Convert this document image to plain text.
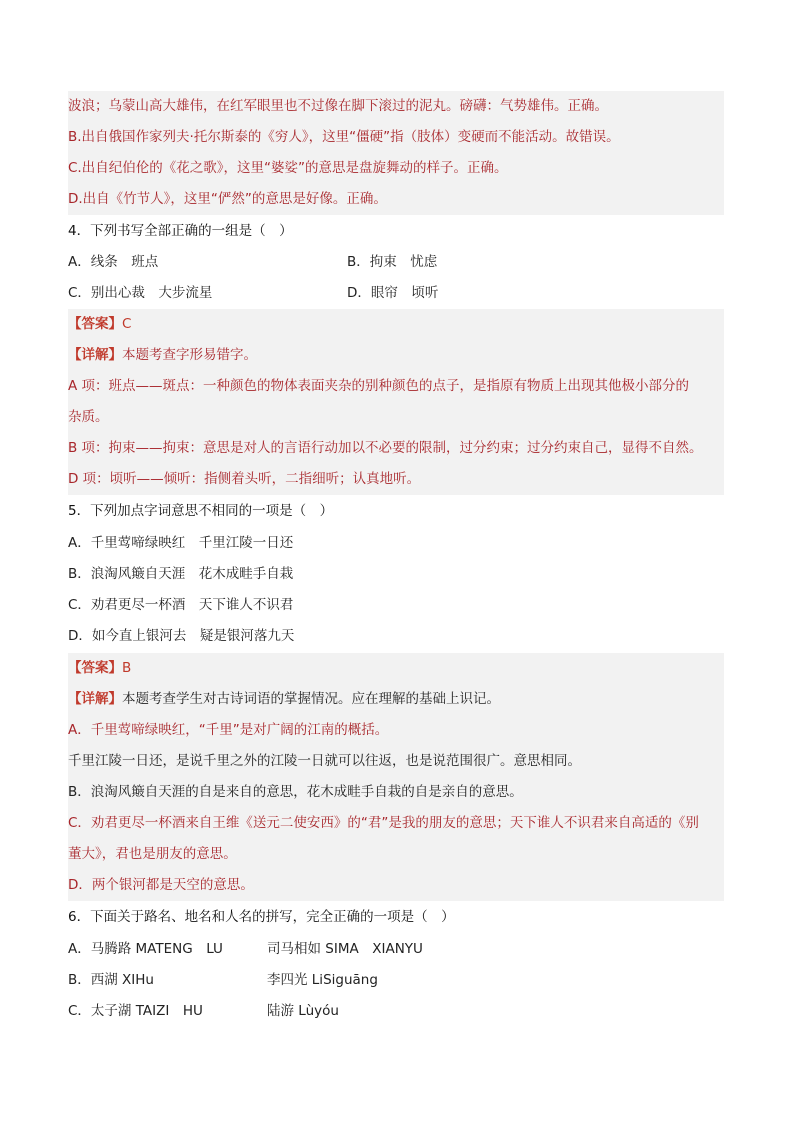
波浪；乌蒙山高大雄伟，在红军眼里也不过像在脚下滚过的泥丸。磅礴：气势雄伟。正确。
B.出自俄国作家列夫·托尔斯泰的《穷人》，这里“僵硬”指（肢体）变硬而不能活动。故错误。
C.出自纪伯伦的《花之歌》，这里“婆娑”的意思是盘旋舞动的样子。正确。
D.出自《竹节人》，这里“俨然”的意思是好像。正确。
4．下列书写全部正确的一组是（　）
A．线条　班点	B．拘束　忧虑
C．别出心裁　大步流星	D．眼帘　顷听
【答案】C
【详解】本题考查字形易错字。
A 项：班点——斑点：一种颜色的物体表面夹杂的别种颜色的点子，是指原有物质上出现其他极小部分的
杂质。
B 项：拘束——拘束：意思是对人的言语行动加以不必要的限制，过分约束；过分约束自己，显得不自然。
D 项：顷听——倾听：指侧着头听，二指细听；认真地听。
5．下列加点字词意思不相同的一项是（　）
A．千里莺啼绿映红　千里江陵一日还
B．浪淘风簸自天涯　花木成畦手自栽
C．劝君更尽一杯酒　天下谁人不识君
D．如今直上银河去　疑是银河落九天
【答案】B
【详解】本题考查学生对古诗词语的掌握情况。应在理解的基础上识记。
A．千里莺啼绿映红，“千里”是对广阔的江南的概括。
千里江陵一日还，是说千里之外的江陵一日就可以往返，也是说范围很广。意思相同。
B．浪淘风簸自天涯的自是来自的意思，花木成畦手自栽的自是亲自的意思。
C．劝君更尽一杯酒来自王维《送元二使安西》的“君”是我的朋友的意思；天下谁人不识君来自高适的《别
董大》，君也是朋友的意思。
D．两个银河都是天空的意思。
6．下面关于路名、地名和人名的拼写，完全正确的一项是（　）
A．马腾路 MATENG　LU	司马相如 SIMA　XIANYU
B．西湖 XIHu	李四光 LiSiguāng
C．太子湖 TAIZI　HU	陆游 Lùyóu
